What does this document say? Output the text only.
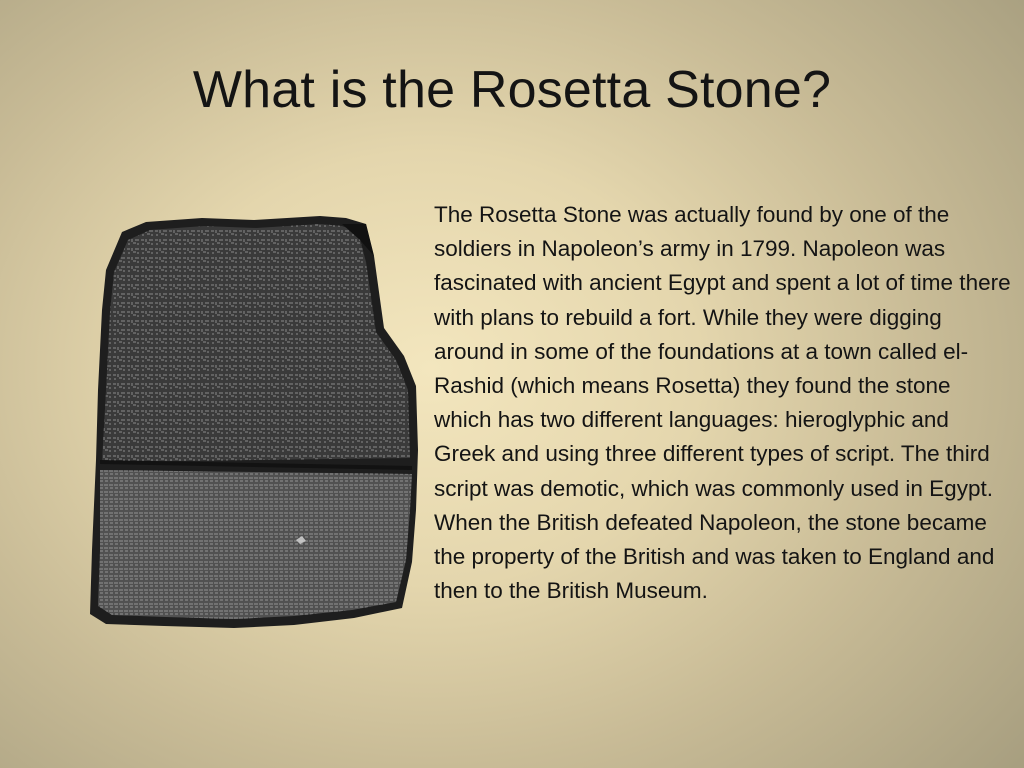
What is the Rosetta Stone?
The Rosetta Stone was actually found by one of the soldiers in Napoleon’s army in 1799. Napoleon was fascinated with ancient Egypt and spent a lot of time there with plans to rebuild a fort. While they were digging around in some of the foundations at a town called el-Rashid (which means Rosetta) they found the stone which has two different languages: hieroglyphic and Greek and using three different types of script. The third script was demotic, which was commonly used in Egypt. When the British defeated Napoleon, the stone became the property of the British and was taken to England and then to the British Museum.
